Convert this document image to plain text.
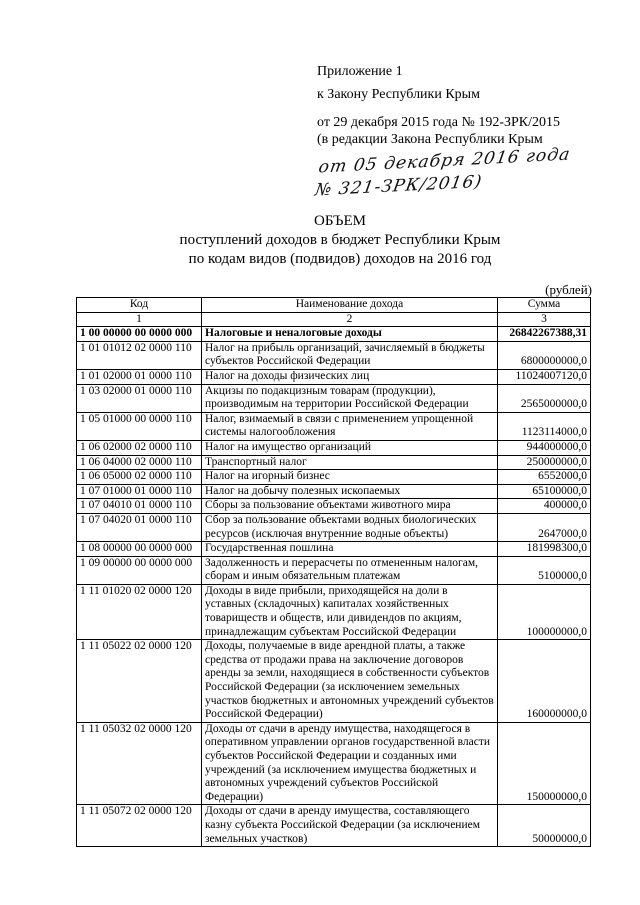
Приложение 1
к Закону Республики Крым
от 29 декабря 2015 года № 192-ЗРК/2015
(в редакции Закона Республики Крым
от 05 декабря 2016 года
№ 321-ЗРК/2016)
ОБЪЕМ
поступлений доходов в бюджет Республики Крым
по кодам видов (подвидов) доходов на 2016 год
(рублей)
Код	Наименование дохода	Сумма
1	2	3
1 00 00000 00 0000 000	Налоговые и неналоговые доходы	26842267388,31
1 01 01012 02 0000 110	Налог на прибыль организаций, зачисляемый в бюджеты субъектов Российской Федерации	6800000000,0
1 01 02000 01 0000 110	Налог на доходы физических лиц	11024007120,0
1 03 02000 01 0000 110	Акцизы по подакцизным товарам (продукции), производимым на территории Российской Федерации	2565000000,0
1 05 01000 00 0000 110	Налог, взимаемый в связи с применением упрощенной системы налогообложения	1123114000,0
1 06 02000 02 0000 110	Налог на имущество организаций	944000000,0
1 06 04000 02 0000 110	Транспортный налог	250000000,0
1 06 05000 02 0000 110	Налог на игорный бизнес	6552000,0
1 07 01000 01 0000 110	Налог на добычу полезных ископаемых	65100000,0
1 07 04010 01 0000 110	Сборы за пользование объектами животного мира	400000,0
1 07 04020 01 0000 110	Сбор за пользование объектами водных биологических ресурсов (исключая внутренние водные объекты)	2647000,0
1 08 00000 00 0000 000	Государственная пошлина	181998300,0
1 09 00000 00 0000 000	Задолженность и перерасчеты по отмененным налогам, сборам и иным обязательным платежам	5100000,0
1 11 01020 02 0000 120	Доходы в виде прибыли, приходящейся на доли в уставных (складочных) капиталах хозяйственных товариществ и обществ, или дивидендов по акциям, принадлежащим субъектам Российской Федерации	100000000,0
1 11 05022 02 0000 120	Доходы, получаемые в виде арендной платы, а также средства от продажи права на заключение договоров аренды за земли, находящиеся в собственности субъектов Российской Федерации (за исключением земельных участков бюджетных и автономных учреждений субъектов Российской Федерации)	160000000,0
1 11 05032 02 0000 120	Доходы от сдачи в аренду имущества, находящегося в оперативном управлении органов государственной власти субъектов Российской Федерации и созданных ими учреждений (за исключением имущества бюджетных и автономных учреждений субъектов Российской Федерации)	150000000,0
1 11 05072 02 0000 120	Доходы от сдачи в аренду имущества, составляющего казну субъекта Российской Федерации (за исключением земельных участков)	50000000,0
